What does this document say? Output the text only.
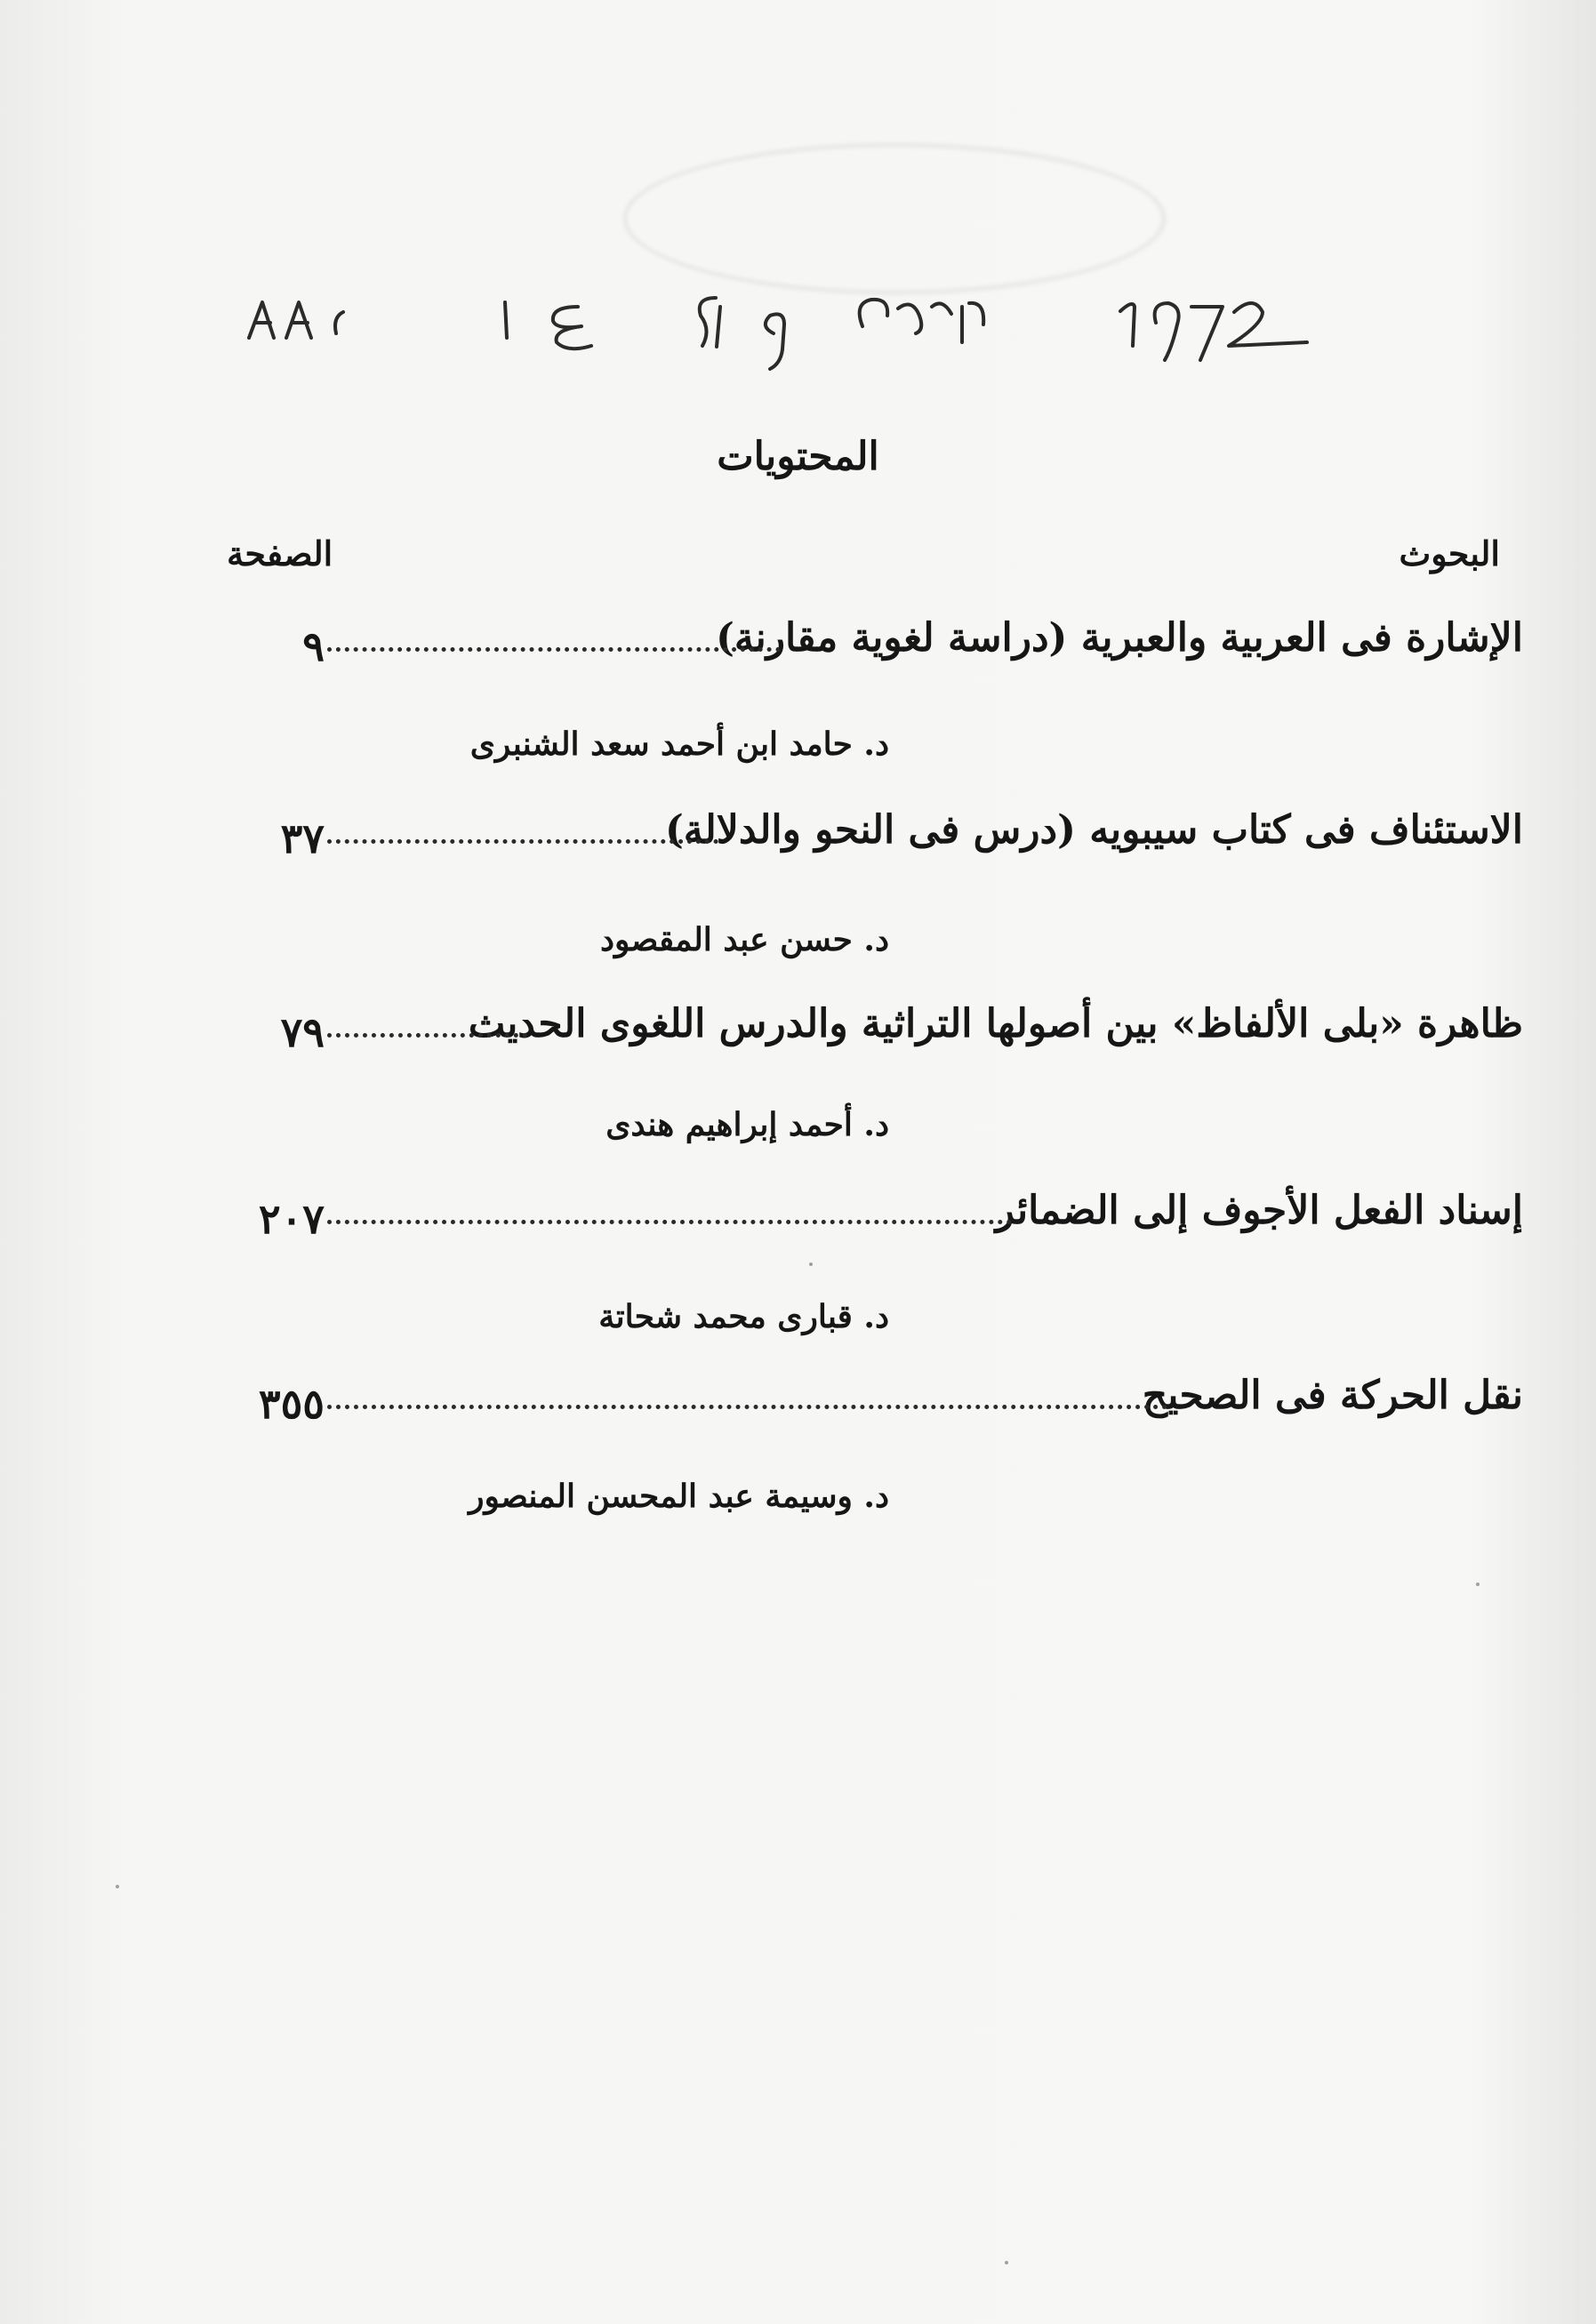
المحتويات
البحوث
الصفحة
الإشارة فى العربية والعبرية (دراسة لغوية مقارنة)
٩
د. حامد ابن أحمد سعد الشنبرى
الاستئناف فى كتاب سيبويه (درس فى النحو والدلالة)
٣٧
د. حسن عبد المقصود
ظاهرة «بلى الألفاظ» بين أصولها التراثية والدرس اللغوى الحديث
٧٩
د. أحمد إبراهيم هندى
إسناد الفعل الأجوف إلى الضمائر
٢٠٧
د. قبارى محمد شحاتة
نقل الحركة فى الصحيح
٣٥٥
د. وسيمة عبد المحسن المنصور
